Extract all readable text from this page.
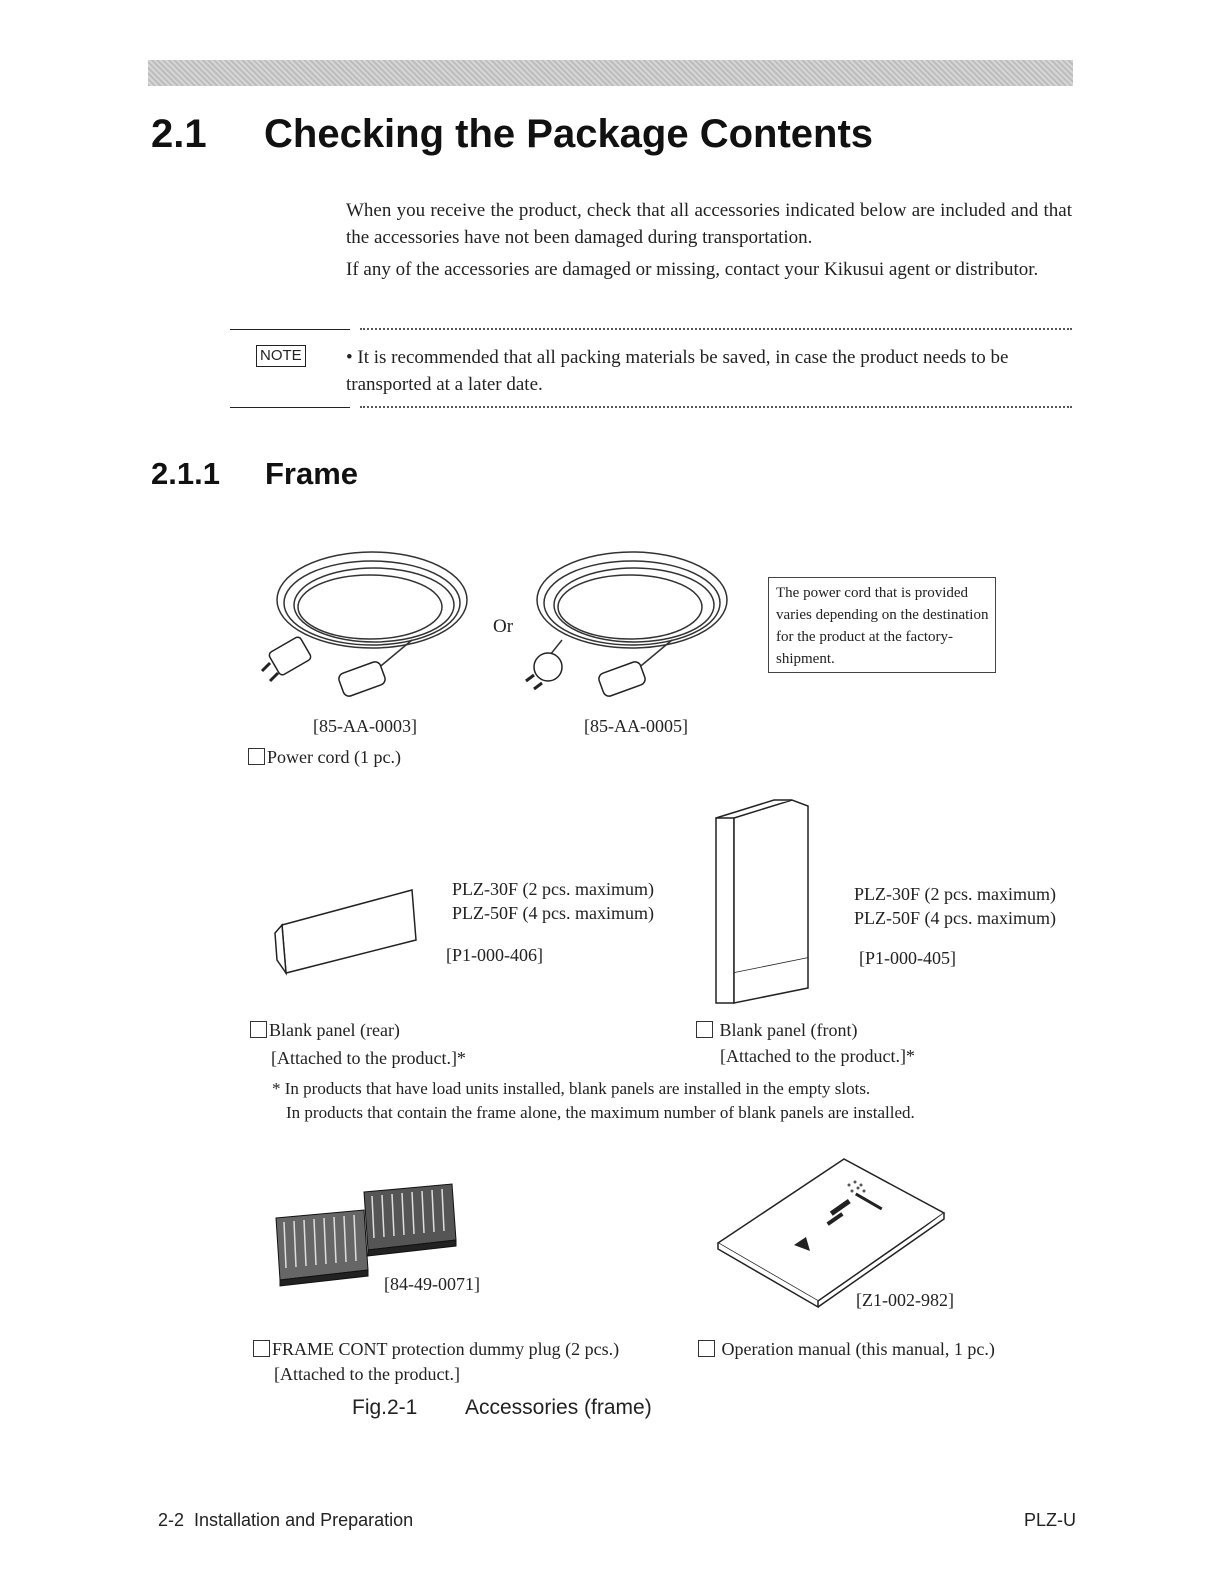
2.1 Checking the Package Contents
When you receive the product, check that all accessories indicated below are included and that the accessories have not been damaged during transportation.
If any of the accessories are damaged or missing, contact your Kikusui agent or distributor.
NOTE • It is recommended that all packing materials be saved, in case the product needs to be transported at a later date.
2.1.1 Frame
Or
The power cord that is provided varies depending on the destination for the product at the factory-shipment.
[85-AA-0003]	[85-AA-0005]
Power cord (1 pc.)
PLZ-30F (2 pcs. maximum)
PLZ-50F (4 pcs. maximum)
[P1-000-406]
Blank panel (rear)
[Attached to the product.]*
PLZ-30F (2 pcs. maximum)
PLZ-50F (4 pcs. maximum)
[P1-000-405]
Blank panel (front)
[Attached to the product.]*
* In products that have load units installed, blank panels are installed in the empty slots.
In products that contain the frame alone, the maximum number of blank panels are installed.
[84-49-0071]
FRAME CONT protection dummy plug (2 pcs.)
[Attached to the product.]
[Z1-002-982]
Operation manual (this manual, 1 pc.)
Fig.2-1 Accessories (frame)
2-2  Installation and Preparation	PLZ-U
